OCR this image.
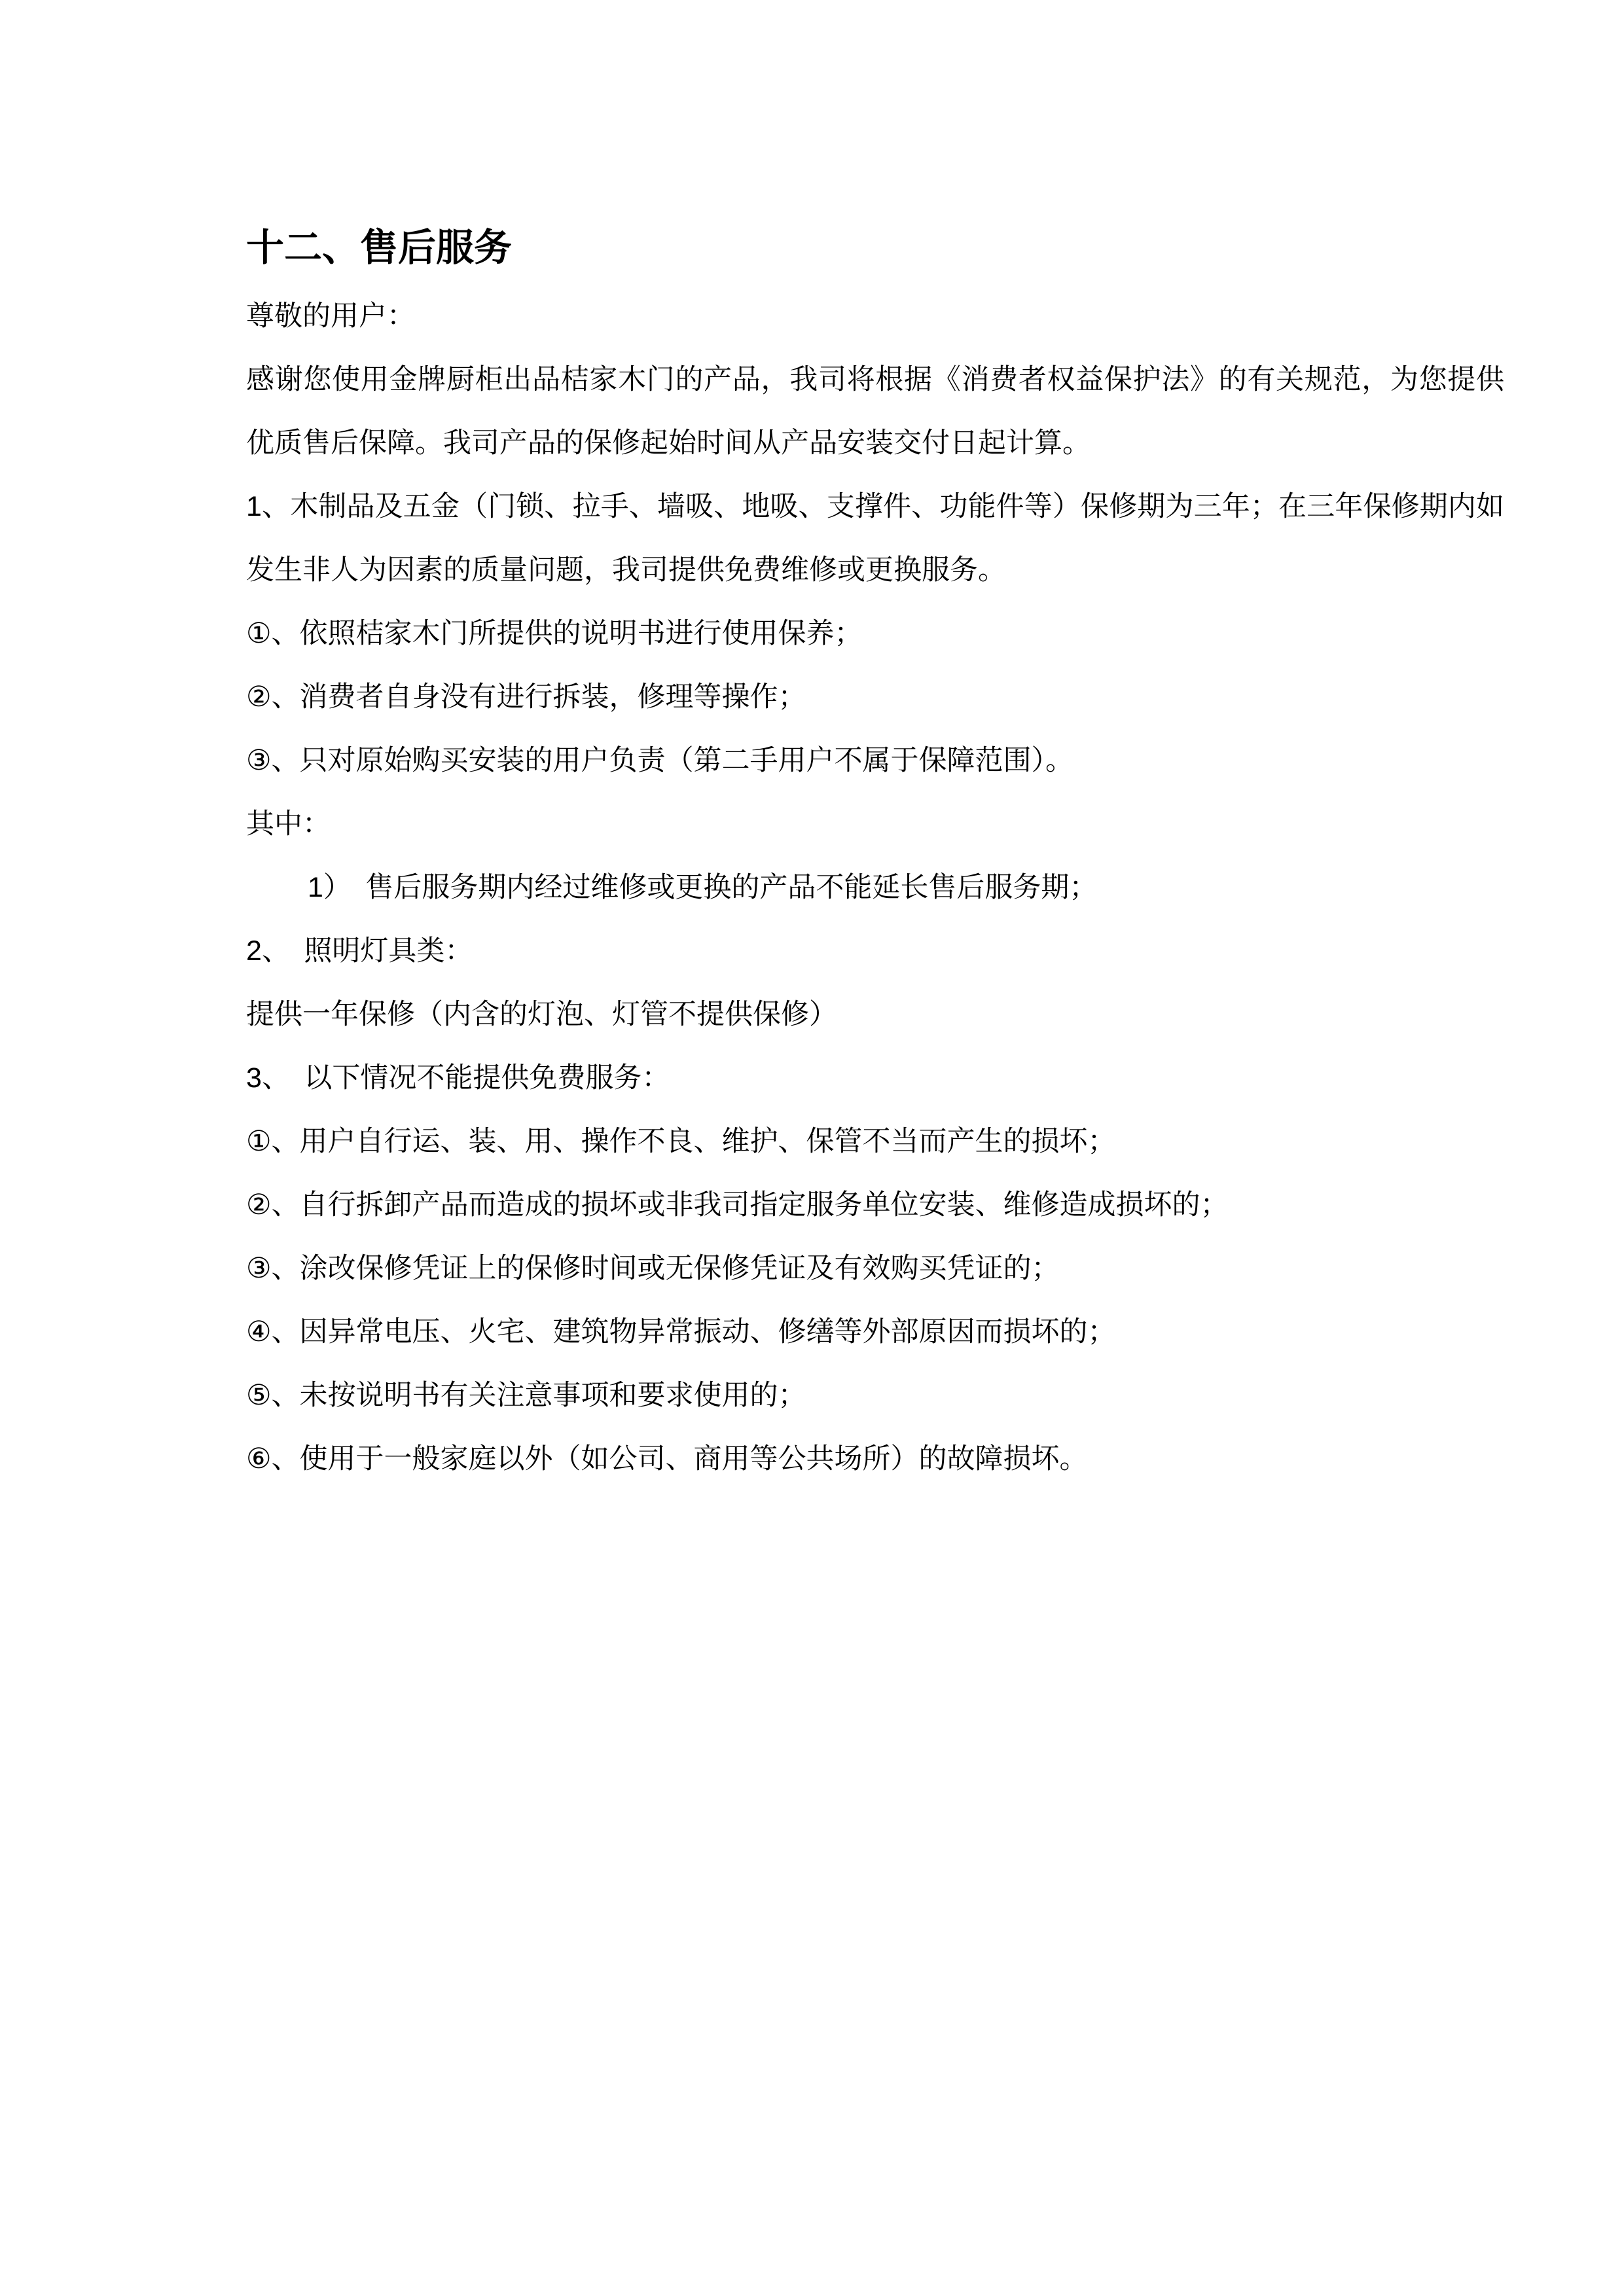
十二、售后服务

尊敬的用户：

感谢您使用金牌厨柜出品桔家木门的产品，我司将根据《消费者权益保护法》的有关规范，为您提供优质售后保障。我司产品的保修起始时间从产品安装交付日起计算。

1、木制品及五金（门锁、拉手、墙吸、地吸、支撑件、功能件等）保修期为三年；在三年保修期内如发生非人为因素的质量问题，我司提供免费维修或更换服务。

①、依照桔家木门所提供的说明书进行使用保养；

②、消费者自身没有进行拆装，修理等操作；

③、只对原始购买安装的用户负责（第二手用户不属于保障范围）。

其中：

1）　售后服务期内经过维修或更换的产品不能延长售后服务期；

2、　照明灯具类：

提供一年保修（内含的灯泡、灯管不提供保修）

3、　以下情况不能提供免费服务：

①、用户自行运、装、用、操作不良、维护、保管不当而产生的损坏；

②、自行拆卸产品而造成的损坏或非我司指定服务单位安装、维修造成损坏的；

③、涂改保修凭证上的保修时间或无保修凭证及有效购买凭证的；

④、因异常电压、火宅、建筑物异常振动、修缮等外部原因而损坏的；

⑤、未按说明书有关注意事项和要求使用的；

⑥、使用于一般家庭以外（如公司、商用等公共场所）的故障损坏。
